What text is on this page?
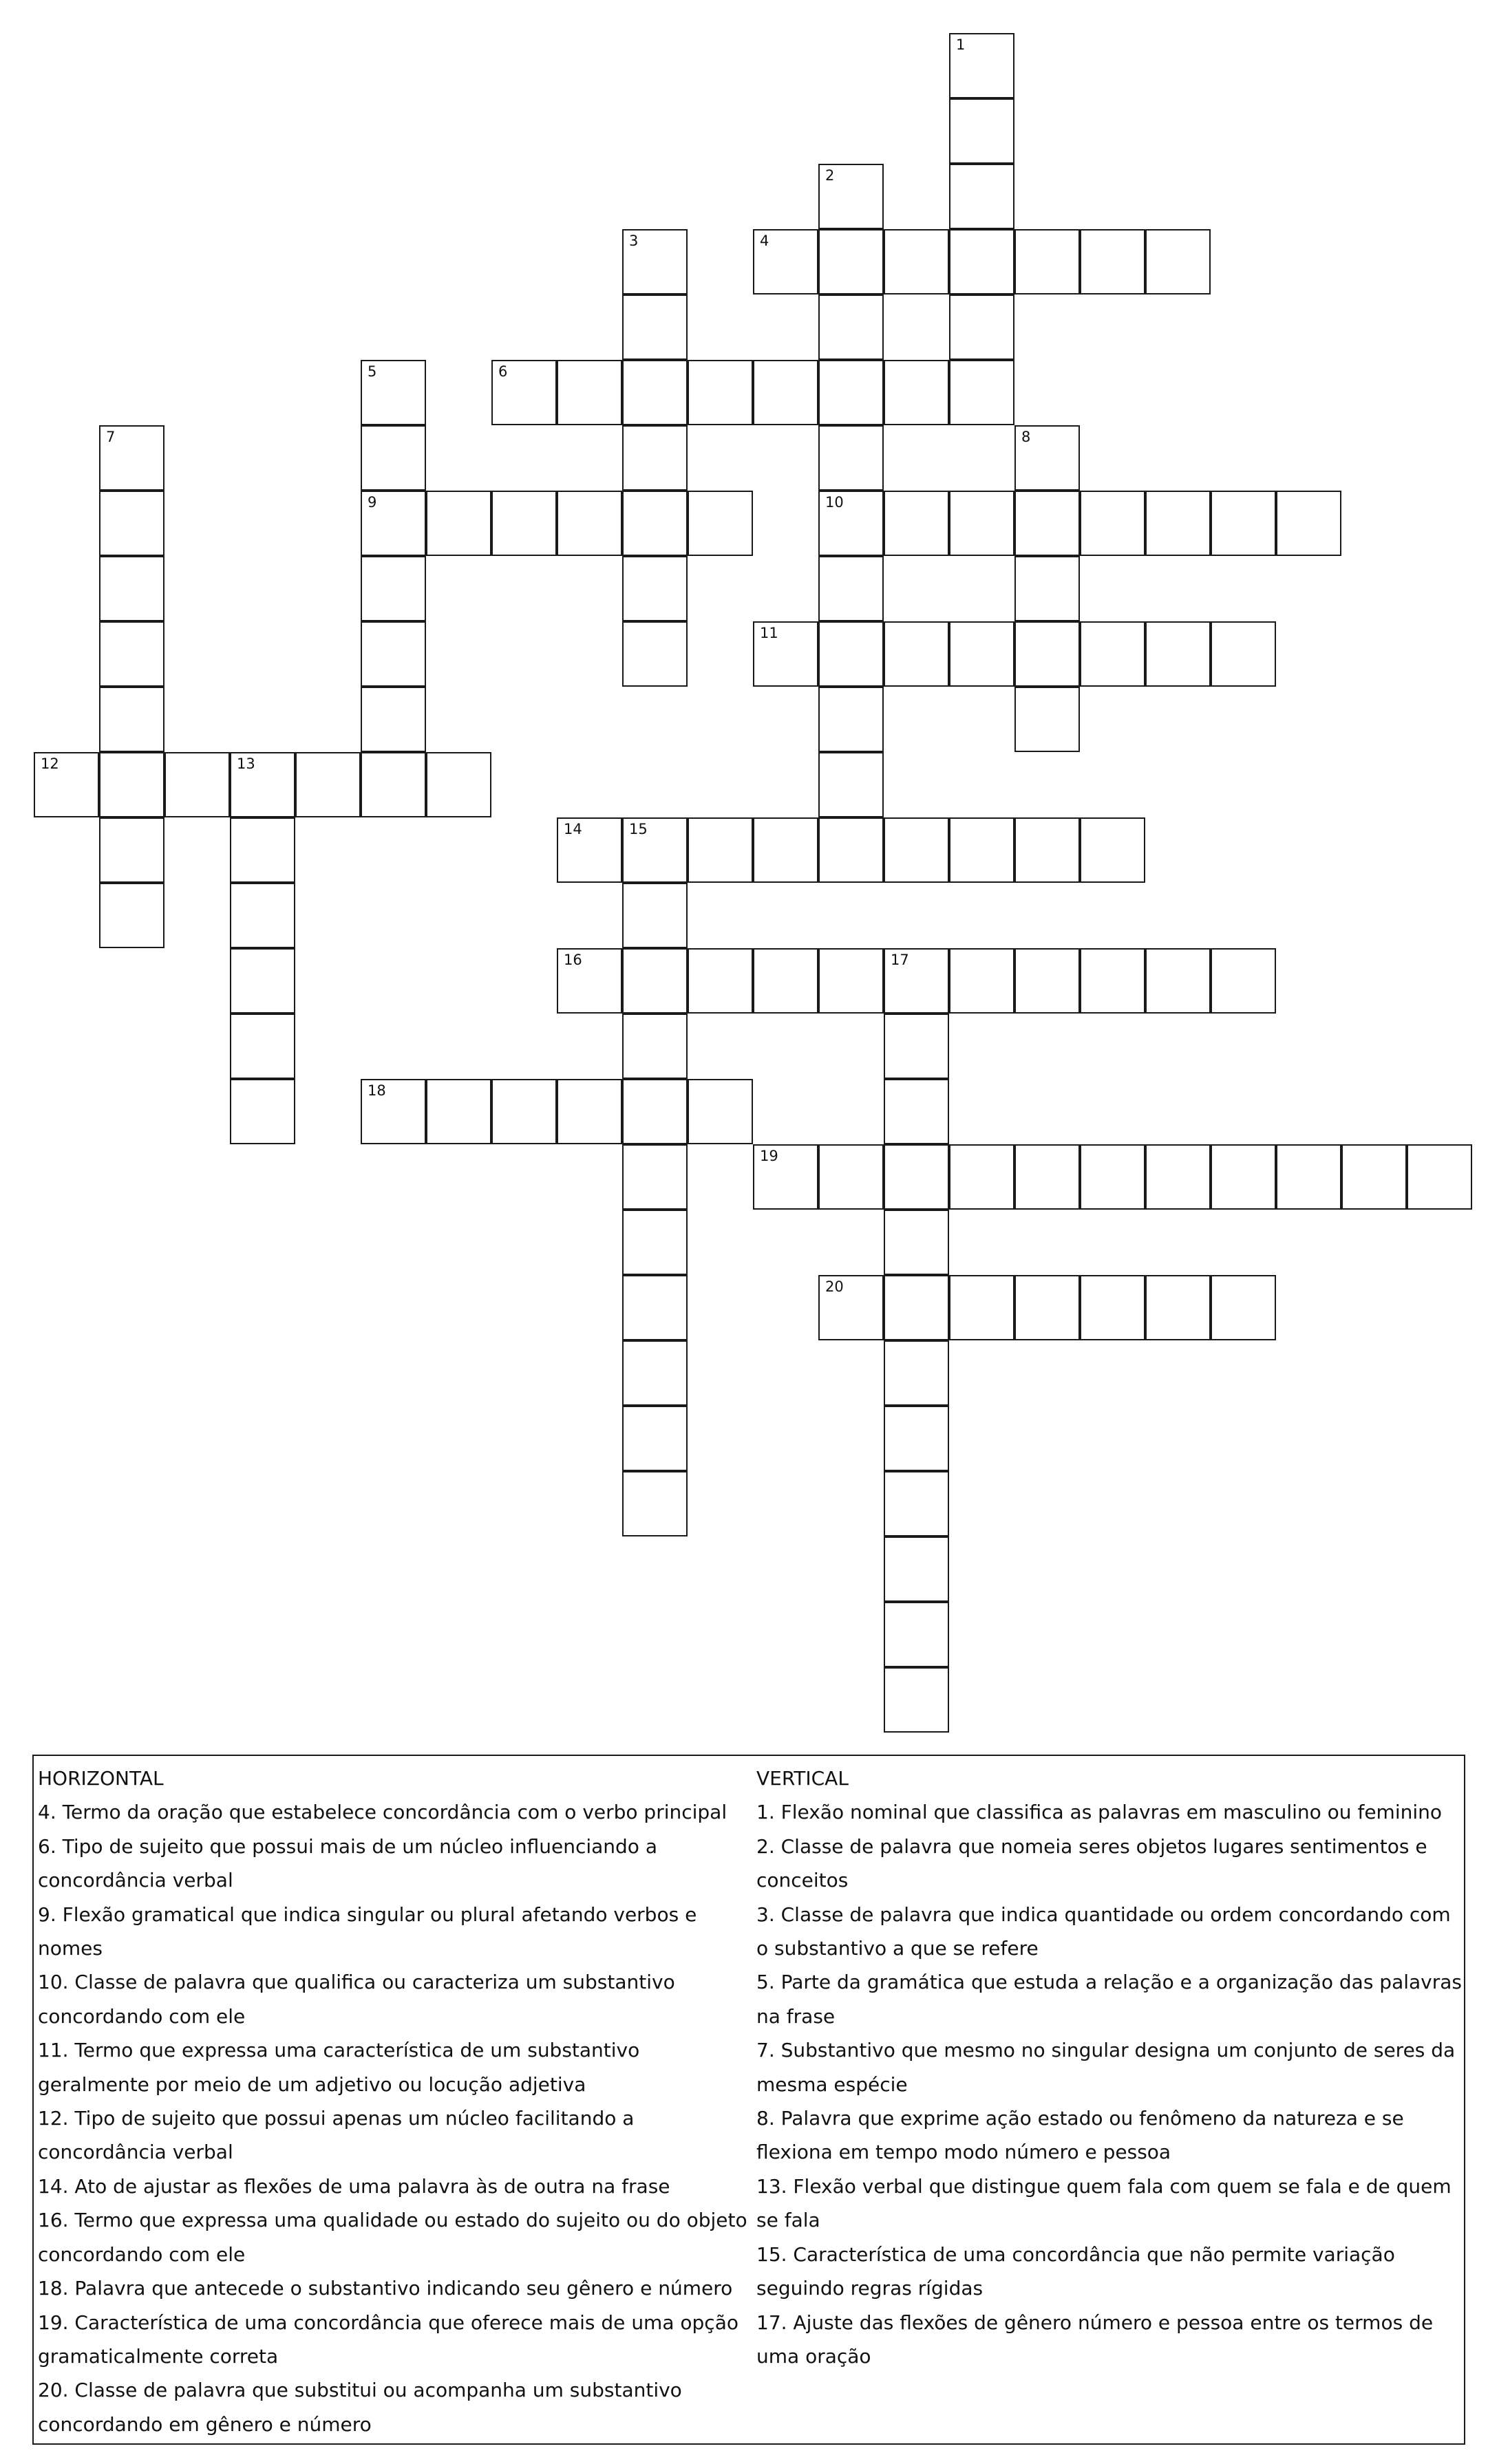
4
6
9	10
11
12	13
14	15
16	17
18
19
20
1
2
3
5
7	8
HORIZONTAL
4. Termo da oração que estabelece concordância com o verbo principal
6. Tipo de sujeito que possui mais de um núcleo influenciando a concordância verbal
9. Flexão gramatical que indica singular ou plural afetando verbos e nomes
10. Classe de palavra que qualifica ou caracteriza um substantivo concordando com ele
11. Termo que expressa uma característica de um substantivo geralmente por meio de um adjetivo ou locução adjetiva
12. Tipo de sujeito que possui apenas um núcleo facilitando a concordância verbal
14. Ato de ajustar as flexões de uma palavra às de outra na frase
16. Termo que expressa uma qualidade ou estado do sujeito ou do objeto concordando com ele
18. Palavra que antecede o substantivo indicando seu gênero e número
19. Característica de uma concordância que oferece mais de uma opção gramaticalmente correta
20. Classe de palavra que substitui ou acompanha um substantivo concordando em gênero e número
VERTICAL
1. Flexão nominal que classifica as palavras em masculino ou feminino
2. Classe de palavra que nomeia seres objetos lugares sentimentos e conceitos
3. Classe de palavra que indica quantidade ou ordem concordando com o substantivo a que se refere
5. Parte da gramática que estuda a relação e a organização das palavras na frase
7. Substantivo que mesmo no singular designa um conjunto de seres da mesma espécie
8. Palavra que exprime ação estado ou fenômeno da natureza e se flexiona em tempo modo número e pessoa
13. Flexão verbal que distingue quem fala com quem se fala e de quem se fala
15. Característica de uma concordância que não permite variação seguindo regras rígidas
17. Ajuste das flexões de gênero número e pessoa entre os termos de uma oração
